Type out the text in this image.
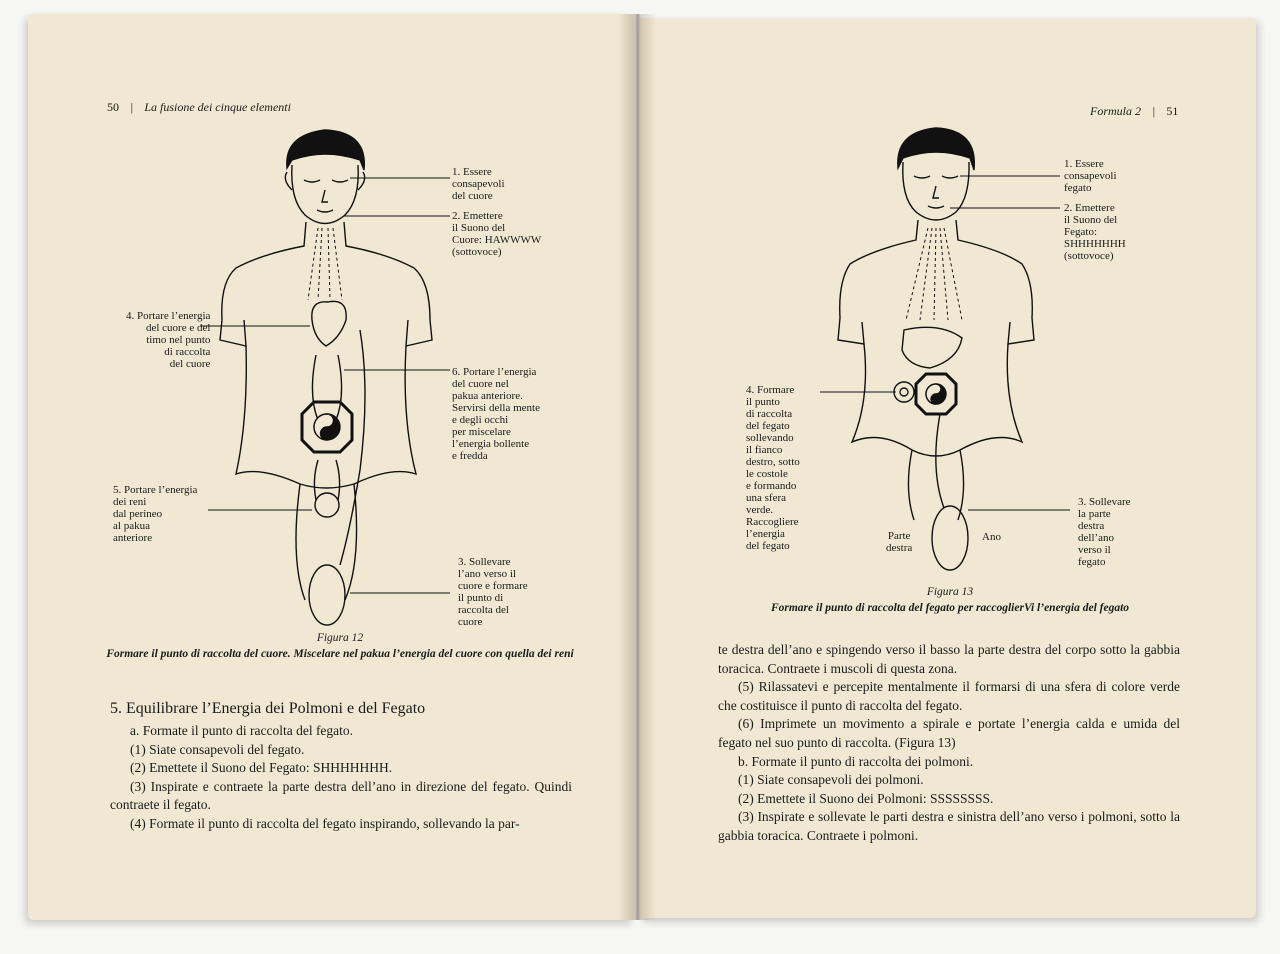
50 | La fusione dei cinque elementi
1. Essere
consapevoli
del cuore
2. Emettere
il Suono del
Cuore: HAWWWW
(sottovoce)
4. Portare l’energia
del cuore e del
timo nel punto
di raccolta
del cuore
6. Portare l’energia
del cuore nel
pakua anteriore.
Servirsi della mente
e degli occhi
per miscelare
l’energia bollente
e fredda
5. Portare l’energia
dei reni
dal perineo
al pakua
anteriore
3. Sollevare
l’ano verso il
cuore e formare
il punto di
raccolta del
cuore
Figura 12
Formare il punto di raccolta del cuore. Miscelare nel pakua l’energia del cuore con quella dei reni
5. Equilibrare l’Energia dei Polmoni e del Fegato

a. Formate il punto di raccolta del fegato.

(1) Siate consapevoli del fegato.

(2) Emettete il Suono del Fegato: SHHHHHHH.

(3) Inspirate e contraete la parte destra dell’ano in direzione del fegato. Quindi contraete il fegato.

(4) Formate il punto di raccolta del fegato inspirando, sollevando la par-

Formula 2 | 51
1. Essere
consapevoli
fegato
2. Emettere
il Suono del
Fegato:
SHHHHHHH
(sottovoce)
4. Formare
il punto
di raccolta
del fegato
sollevando
il fianco
destro, sotto
le costole
e formando
una sfera
verde.
Raccogliere
l’energia
del fegato
3. Sollevare
la parte
destra
dell’ano
verso il
fegato
Parte
destra
Ano
Figura 13
Formare il punto di raccolta del fegato per raccoglierVi l’energia del fegato

te destra dell’ano e spingendo verso il basso la parte destra del corpo sotto la gabbia toracica. Contraete i muscoli di questa zona.

(5) Rilassatevi e percepite mentalmente il formarsi di una sfera di colore verde che costituisce il punto di raccolta del fegato.

(6) Imprimete un movimento a spirale e portate l’energia calda e umida del fegato nel suo punto di raccolta. (Figura 13)

b. Formate il punto di raccolta dei polmoni.

(1) Siate consapevoli dei polmoni.

(2) Emettete il Suono dei Polmoni: SSSSSSSS.

(3) Inspirate e sollevate le parti destra e sinistra dell’ano verso i polmoni, sotto la gabbia toracica. Contraete i polmoni.
